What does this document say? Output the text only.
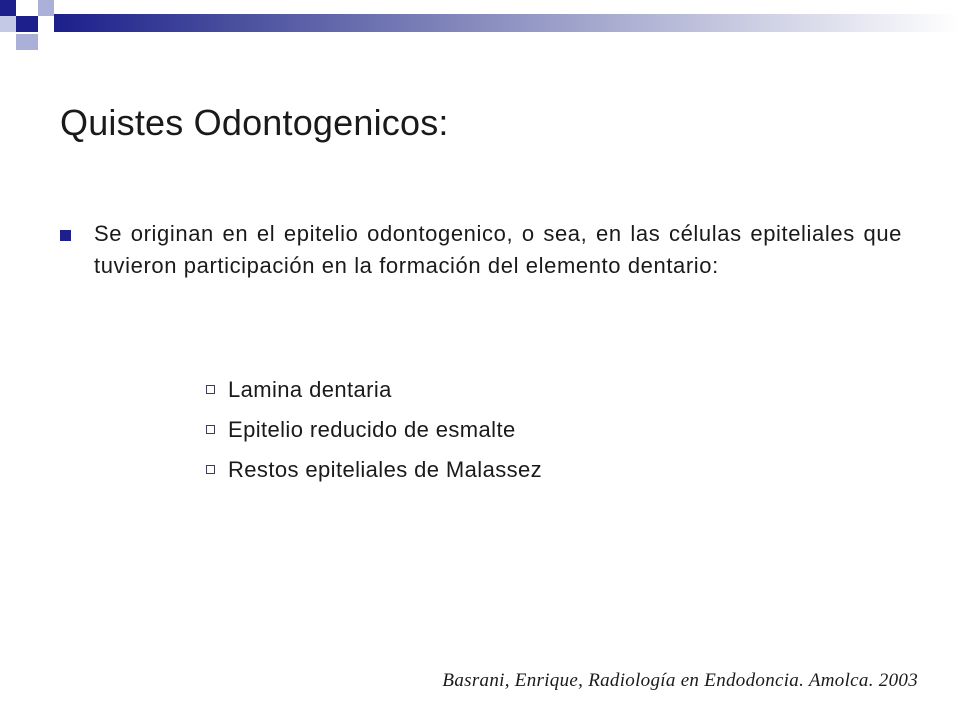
Quistes Odontogenicos:
Se originan en el epitelio odontogenico, o sea, en las células epiteliales que tuvieron participación en la formación del elemento dentario:
Lamina dentaria
Epitelio reducido de esmalte
Restos epiteliales de Malassez
Basrani, Enrique, Radiología en Endodoncia. Amolca. 2003
